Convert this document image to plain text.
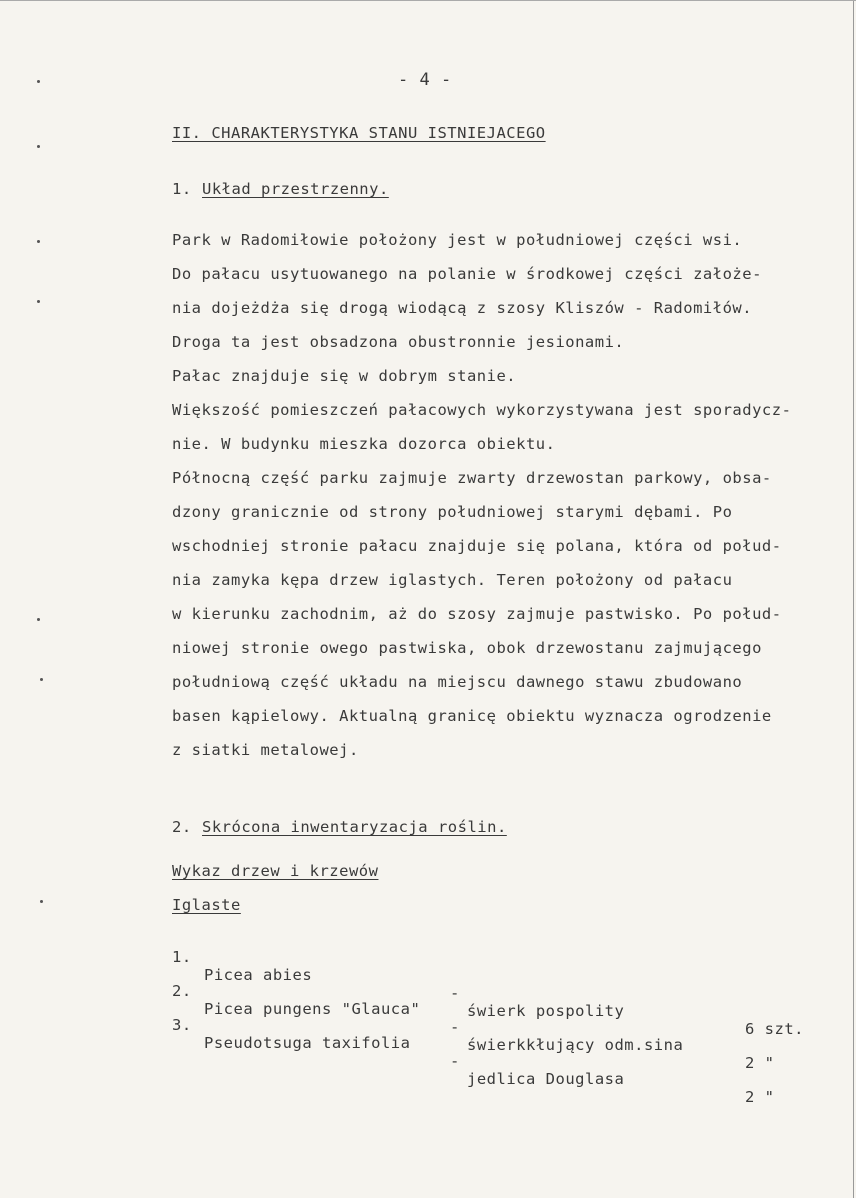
- 4 -
II. CHARAKTERYSTYKA STANU ISTNIEJACEGO
1. Układ przestrzenny.
Park w Radomiłowie położony jest w południowej części wsi.
Do pałacu usytuowanego na polanie w środkowej części założe-
nia dojeżdża się drogą wiodącą z szosy Kliszów - Radomiłów.
Droga ta jest obsadzona obustronnie jesionami.
Pałac znajduje się w dobrym stanie.
Większość pomieszczeń pałacowych wykorzystywana jest sporadycz-
nie. W budynku mieszka dozorca obiektu.
Północną część parku zajmuje zwarty drzewostan parkowy, obsa-
dzony granicznie od strony południowej starymi dębami. Po
wschodniej stronie pałacu znajduje się polana, która od połud-
nia zamyka kępa drzew iglastych. Teren położony od pałacu
w kierunku zachodnim, aż do szosy zajmuje pastwisko. Po połud-
niowej stronie owego pastwiska, obok drzewostanu zajmującego
południową część układu na miejscu dawnego stawu zbudowano
basen kąpielowy. Aktualną granicę obiektu wyznacza ogrodzenie
z siatki metalowej.
2. Skrócona inwentaryzacja roślin.
Wykaz drzew i krzewów
Iglaste

1.

Picea abies

-

świerk pospolity

6 szt.

2.

Picea pungens "Glauca"

-

świerkkłujący odm.sina

2 "

3.

Pseudotsuga taxifolia

-

jedlica Douglasa

2 "
